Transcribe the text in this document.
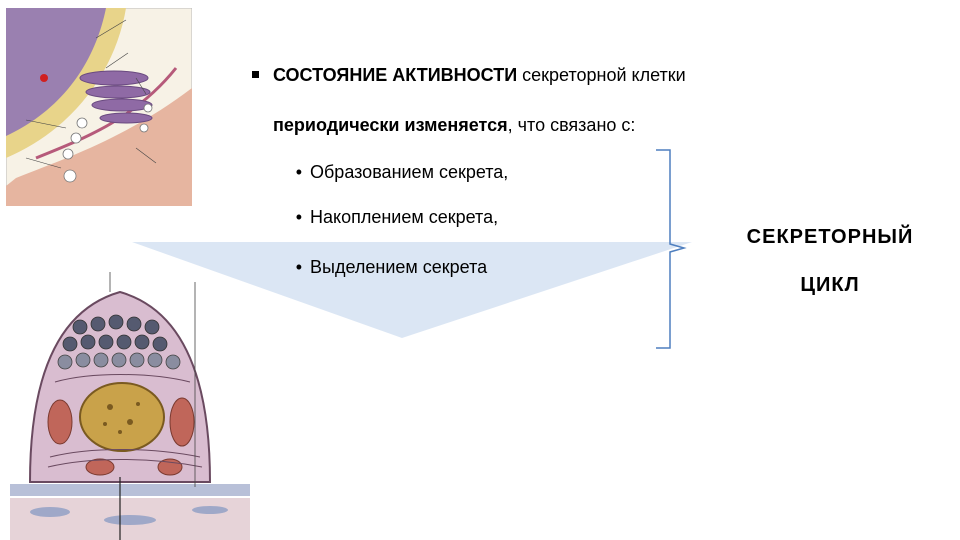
СОСТОЯНИЕ АКТИВНОСТИ секреторной клетки
периодически изменяется, что связано с:
• Образованием секрета,
• Накоплением секрета,
• Выделением секрета
СЕКРЕТОРНЫЙ
ЦИКЛ
